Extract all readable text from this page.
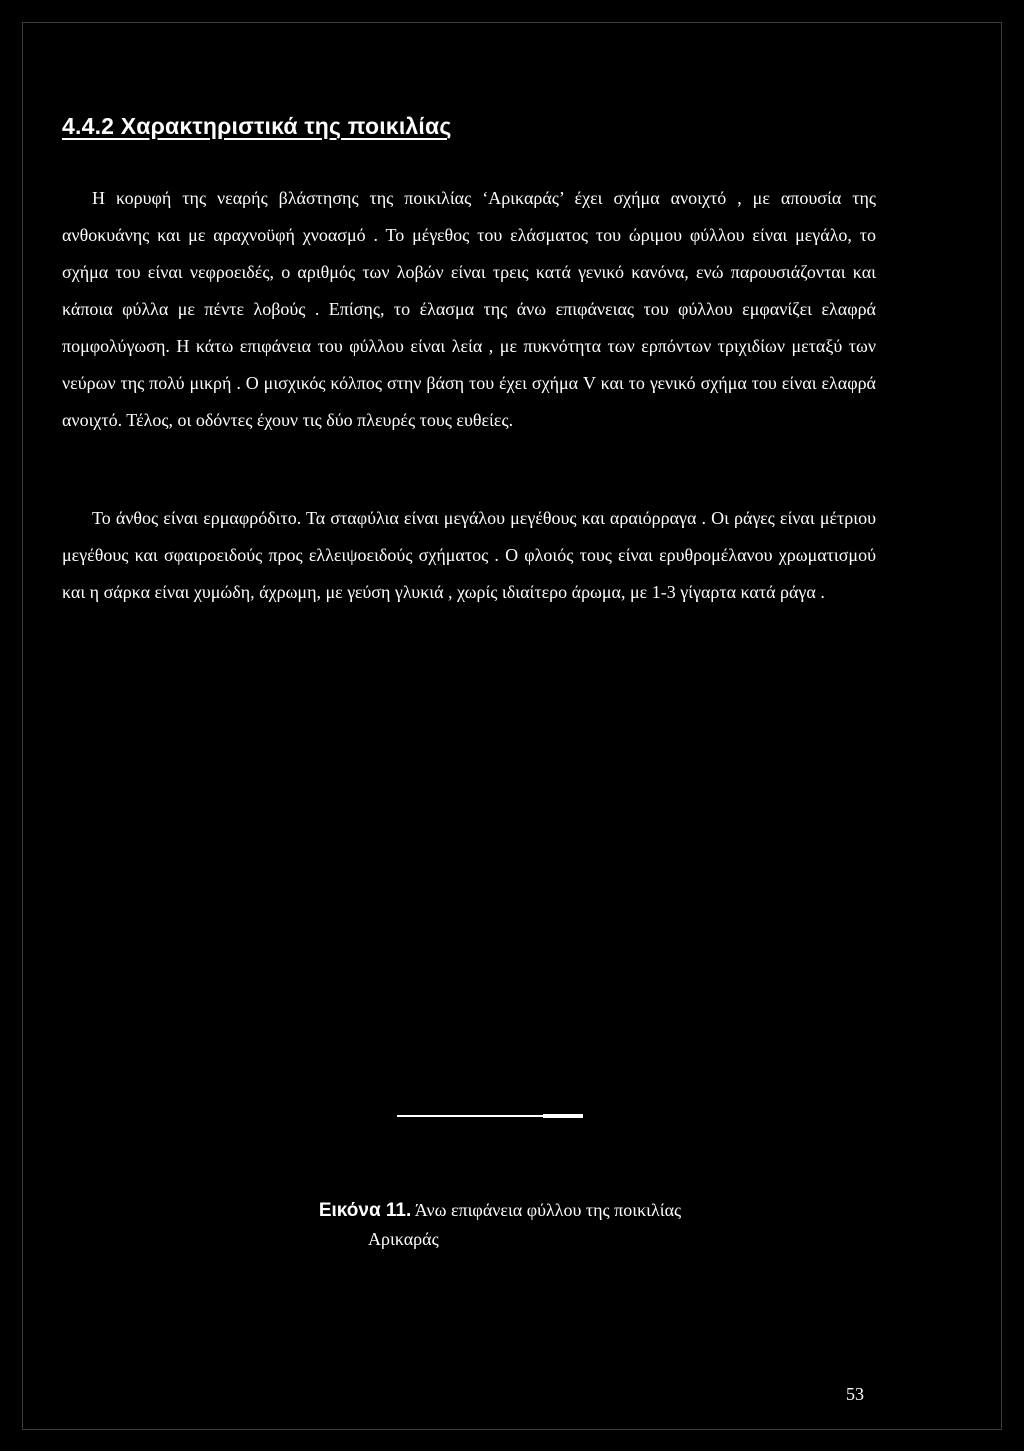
4.4.2 Χαρακτηριστικά της ποικιλίας

Η κορυφή της νεαρής βλάστησης της ποικιλίας ‘Αρικαράς’ έχει σχήμα ανοιχτό , με απουσία της ανθοκυάνης και με αραχνοϋφή χνοασμό . Το μέγεθος του ελάσματος του ώριμου φύλλου είναι μεγάλο, το σχήμα του είναι νεφροειδές, ο αριθμός των λοβών είναι τρεις κατά γενικό κανόνα, ενώ παρουσιάζονται και κάποια φύλλα με πέντε λοβούς . Επίσης, το έλασμα της άνω επιφάνειας του φύλλου εμφανίζει ελαφρά πομφολύγωση. Η κάτω επιφάνεια του φύλλου είναι λεία , με πυκνότητα των ερπόντων τριχιδίων μεταξύ των νεύρων της πολύ μικρή . Ο μισχικός κόλπος στην βάση του έχει σχήμα V και το γενικό σχήμα του είναι ελαφρά ανοιχτό. Τέλος, οι οδόντες έχουν τις δύο πλευρές τους ευθείες.

Το άνθος είναι ερμαφρόδιτο. Τα σταφύλια είναι μεγάλου μεγέθους και αραιόρραγα . Οι ράγες είναι μέτριου μεγέθους και σφαιροειδούς προς ελλειψοειδούς σχήματος . Ο φλοιός τους είναι ερυθρομέλανου χρωματισμού και η σάρκα είναι χυμώδη, άχρωμη, με γεύση γλυκιά , χωρίς ιδιαίτερο άρωμα, με 1-3 γίγαρτα κατά ράγα .

Εικόνα 11. Άνω επιφάνεια φύλλου της ποικιλίας
Αρικαράς
53
